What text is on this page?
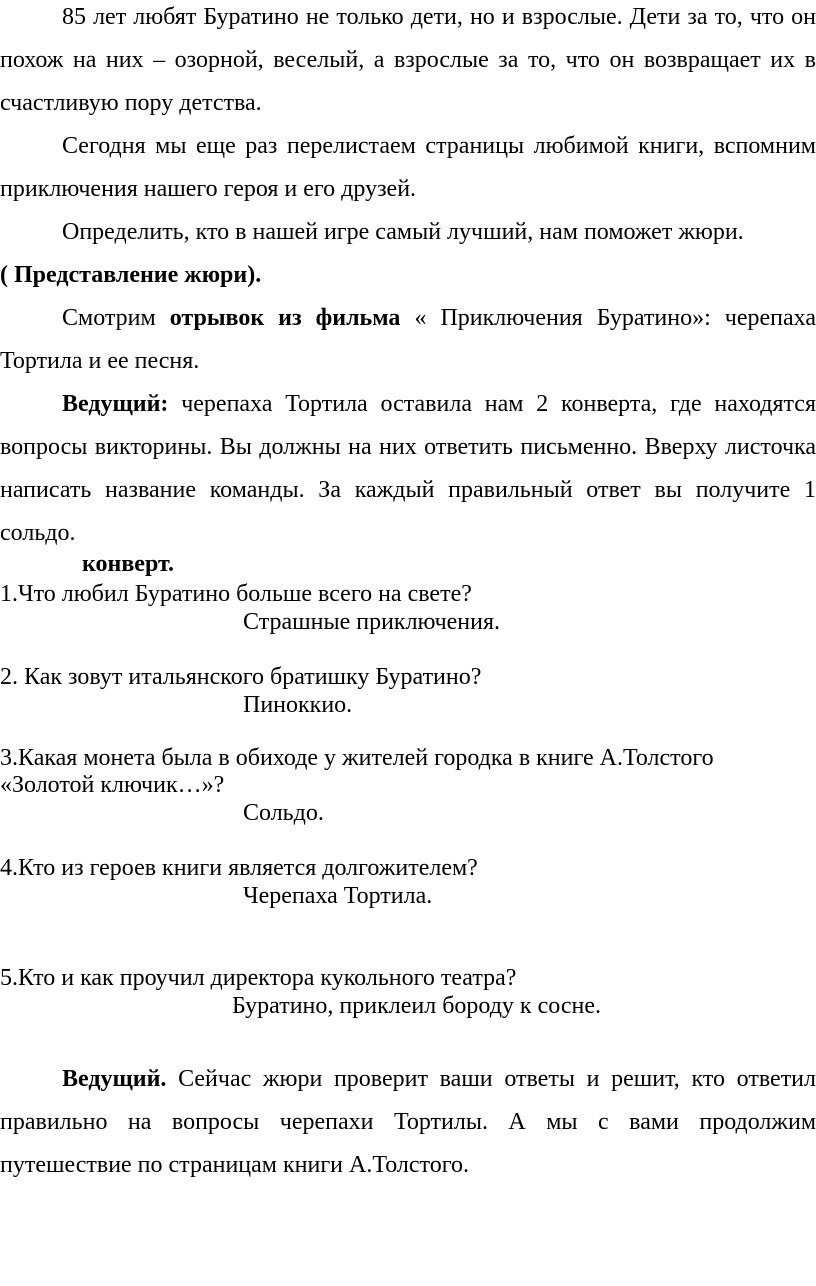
85 лет любят Буратино не только дети, но и взрослые. Дети за то, что он похож на них – озорной, веселый, а взрослые за то, что он возвращает их в счастливую пору детства.

Сегодня мы еще раз перелистаем страницы любимой книги, вспомним приключения нашего героя и его друзей.

Определить, кто в нашей игре самый лучший, нам поможет жюри.

( Представление жюри).

Смотрим отрывок из фильма « Приключения Буратино»: черепаха Тортила и ее песня.

Ведущий: черепаха Тортила оставила нам 2 конверта, где находятся вопросы викторины. Вы должны на них ответить письменно. Вверху листочка написать название команды. За каждый правильный ответ вы получите 1 сольдо.

конверт.

1.Что любил Буратино больше всего на свете?

Страшные приключения.

2. Как зовут итальянского братишку Буратино?

Пиноккио.

3.Какая монета была в обиходе у жителей городка в книге А.Толстого

«Золотой ключик…»?

Сольдо.

4.Кто из героев книги является долгожителем?

Черепаха Тортила.

5.Кто и как проучил директора кукольного театра?

Буратино, приклеил бороду к сосне.

Ведущий. Сейчас жюри проверит ваши ответы и решит, кто ответил правильно на вопросы черепахи Тортилы. А мы с вами продолжим путешествие по страницам книги А.Толстого.
